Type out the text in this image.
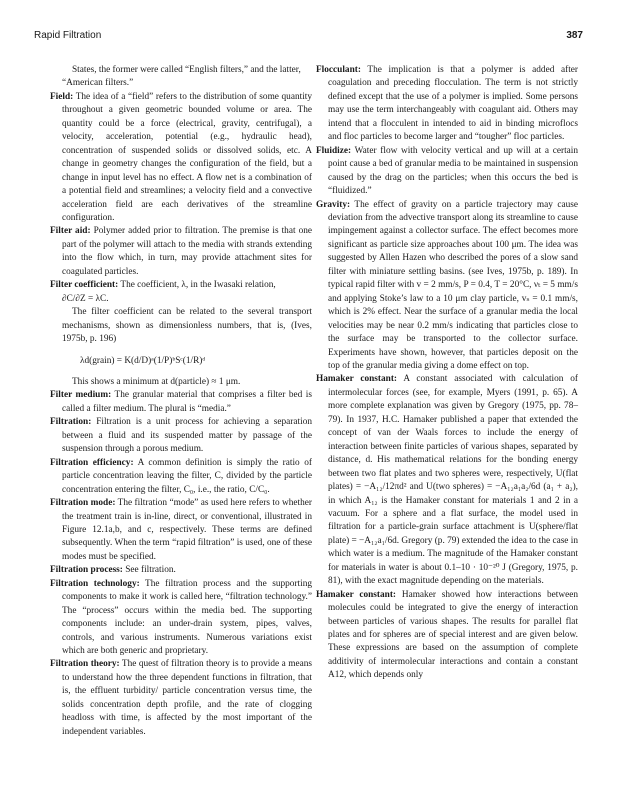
Rapid Filtration	387

States, the former were called “English filters,” and the latter, “American filters.”

Field: The idea of a “field” refers to the distribution of some quantity throughout a given geometric bounded volume or area. The quantity could be a force (electrical, gravity, centrifugal), a velocity, acceleration, potential (e.g., hydraulic head), concentration of suspended solids or dissolved solids, etc. A change in geometry changes the configuration of the field, but a change in input level has no effect. A flow net is a combination of a potential field and streamlines; a velocity field and a convective acceleration field are each derivatives of the streamline configuration.

Filter aid: Polymer added prior to filtration. The premise is that one part of the polymer will attach to the media with strands extending into the flow which, in turn, may provide attachment sites for coagulated particles.

Filter coefficient: The coefficient, λ, in the Iwasaki relation,

∂C/∂Z = λC.

The filter coefficient can be related to the several transport mechanisms, shown as dimensionless numbers, that is, (Ives, 1975b, p. 196)

λd(grain) = K(d/D)ᵃ(1/P)ᵇSᶜ(1/R)ᵈ

This shows a minimum at d(particle) ≈ 1 μm.

Filter medium: The granular material that comprises a filter bed is called a filter medium. The plural is “media.”

Filtration: Filtration is a unit process for achieving a separation between a fluid and its suspended matter by passage of the suspension through a porous medium.

Filtration efficiency: A common definition is simply the ratio of particle concentration leaving the filter, C, divided by the particle concentration entering the filter, C₀, i.e., the ratio, C/C₀.

Filtration mode: The filtration “mode” as used here refers to whether the treatment train is in-line, direct, or conventional, illustrated in Figure 12.1a,b, and c, respectively. These terms are defined subsequently. When the term “rapid filtration” is used, one of these modes must be specified.

Filtration process: See filtration.

Filtration technology: The filtration process and the supporting components to make it work is called here, “filtration technology.” The “process” occurs within the media bed. The supporting components include: an under-drain system, pipes, valves, controls, and various instruments. Numerous variations exist which are both generic and proprietary.

Filtration theory: The quest of filtration theory is to provide a means to understand how the three dependent functions in filtration, that is, the effluent turbidity/ particle concentration versus time, the solids concentration depth profile, and the rate of clogging headloss with time, is affected by the most important of the independent variables.

Flocculant: The implication is that a polymer is added after coagulation and preceding flocculation. The term is not strictly defined except that the use of a polymer is implied. Some persons may use the term interchangeably with coagulant aid. Others may intend that a flocculent in intended to aid in binding microflocs and floc particles to become larger and “tougher” floc particles.

Fluidize: Water flow with velocity vertical and up will at a certain point cause a bed of granular media to be maintained in suspension caused by the drag on the particles; when this occurs the bed is “fluidized.”

Gravity: The effect of gravity on a particle trajectory may cause deviation from the advective transport along its streamline to cause impingement against a collector surface. The effect becomes more significant as particle size approaches about 100 μm. The idea was suggested by Allen Hazen who described the pores of a slow sand filter with miniature settling basins. (see Ives, 1975b, p. 189). In typical rapid filter with v = 2 mm/s, P = 0.4, T = 20°C, νₜ = 5 mm/s and applying Stoke’s law to a 10 μm clay particle, vₛ = 0.1 mm/s, which is 2% effect. Near the surface of a granular media the local velocities may be near 0.2 mm/s indicating that particles close to the surface may be transported to the collector surface. Experiments have shown, however, that particles deposit on the top of the granular media giving a dome effect on top.

Hamaker constant: A constant associated with calculation of intermolecular forces (see, for example, Myers (1991, p. 65). A more complete explanation was given by Gregory (1975, pp. 78–79). In 1937, H.C. Hamaker published a paper that extended the concept of van der Waals forces to include the energy of interaction between finite particles of various shapes, separated by distance, d. His mathematical relations for the bonding energy between two flat plates and two spheres were, respectively, U(flat plates) = −A₁₂/12πd² and U(two spheres) = −A₁₂a₁a₂/6d (a₁ + a₂), in which A₁₂ is the Hamaker constant for materials 1 and 2 in a vacuum. For a sphere and a flat surface, the model used in filtration for a particle-grain surface attachment is U(sphere/flat plate) = −A₁₂a₁/6d. Gregory (p. 79) extended the idea to the case in which water is a medium. The magnitude of the Hamaker constant for materials in water is about 0.1–10 · 10⁻²⁰ J (Gregory, 1975, p. 81), with the exact magnitude depending on the materials.

Hamaker constant: Hamaker showed how interactions between molecules could be integrated to give the energy of interaction between particles of various shapes. The results for parallel flat plates and for spheres are of special interest and are given below. These expressions are based on the assumption of complete additivity of intermolecular interactions and contain a constant A12, which depends only
